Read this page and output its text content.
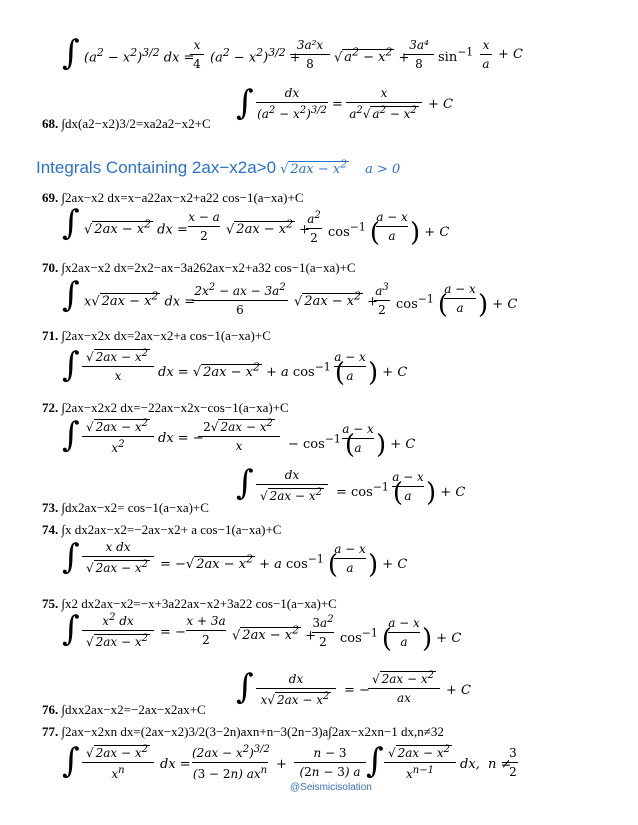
∫ $(a^2 - x^2)^{3/2}$ dx =
x
4 $(a^2 - x^2)^{3/2}$ +
3a²x
8	√ $a^2 - x^2$ +
3a⁴
8	$\sin^{-1}$
x
a
+ C
∫	dx
$(a^2 - x^2)^{3/2}$ =
x
$a^2√$ $a^2 - x^2 + C$
68. ∫dx(a2−x2)3/2=xa2a2−x2+C
Integrals Containing 2ax−x2a>0 √ $2ax - x^2$ a > 0
69. ∫2ax−x2 dx=x−a22ax−x2+a22 cos−1(a−xa)+C
∫ √ $2ax - x^2$ dx =
x − a
2	√ $2ax - x^2$ +
$a^2$
2 $\cos^{-1}$ (
a − x
a ) + C
70. ∫x2ax−x2 dx=2x2−ax−3a262ax−x2+a32 cos−1(a−xa)+C
∫ x√ $2ax - x^2$ dx =
$2x^2$ − ax − $3a^2$
6
√ $2ax - x^2$ +
$a^3$
2 $\cos^{-1}$ (
a − x
a ) + C
71. ∫2ax−x2x dx=2ax−x2+a cos−1(a−xa)+C
∫ √ $2ax - x^2$
x	dx = √ $2ax - x^2 + a$ $\cos^{-1}$ (
a − x
a ) + C
72. ∫2ax−x2x2 dx=−22ax−x2x−cos−1(a−xa)+C
∫ √ $2ax - x^2$
$x^2$	dx = −
2√ $2ax - x^2$
x	− $\cos^{-1}$ (
a − x
a ) + C
∫	dx
√ $2ax - x^2$	= $\cos^{-1}$ (
a − x
a ) + C
73. ∫dx2ax−x2= cos−1(a−xa)+C
74. ∫x dx2ax−x2=−2ax−x2+ a cos−1(a−xa)+C
∫	x dx
√ $2ax - x^2$ = −√ $2ax - x^2 + a$ $\cos^{-1}$ (
a − x
a ) + C
75. ∫x2 dx2ax−x2=−x+3a22ax−x2+3a22 cos−1(a−xa)+C
∫	$x^2$ dx
√ $2ax - x^2$ = −
x + 3a
2	√ $2ax - x^2$ +
$3a^2$
2	$\cos^{-1}$ (
a − x
a ) + C
∫	dx
x√ $2ax - x^2$	= −
√ $2ax - x^2$
ax	+ C
76. ∫dxx2ax−x2=−2ax−x2ax+C
77. ∫2ax−x2xn dx=(2ax−x2)3/2(3−2n)axn+n−3(2n−3)a∫2ax−x2xn−1 dx,n≠32
∫ √ $2ax - x^2$
$x^n$	dx =
$(2ax - x^2)^{3/2}$
(3 − 2n) $ax^n$ +
n − 3
(2n − 3) a ∫ √ $2ax - x^2$
$x^{n-1}$	dx,  n ≠
3
2
@Seismicisolation
